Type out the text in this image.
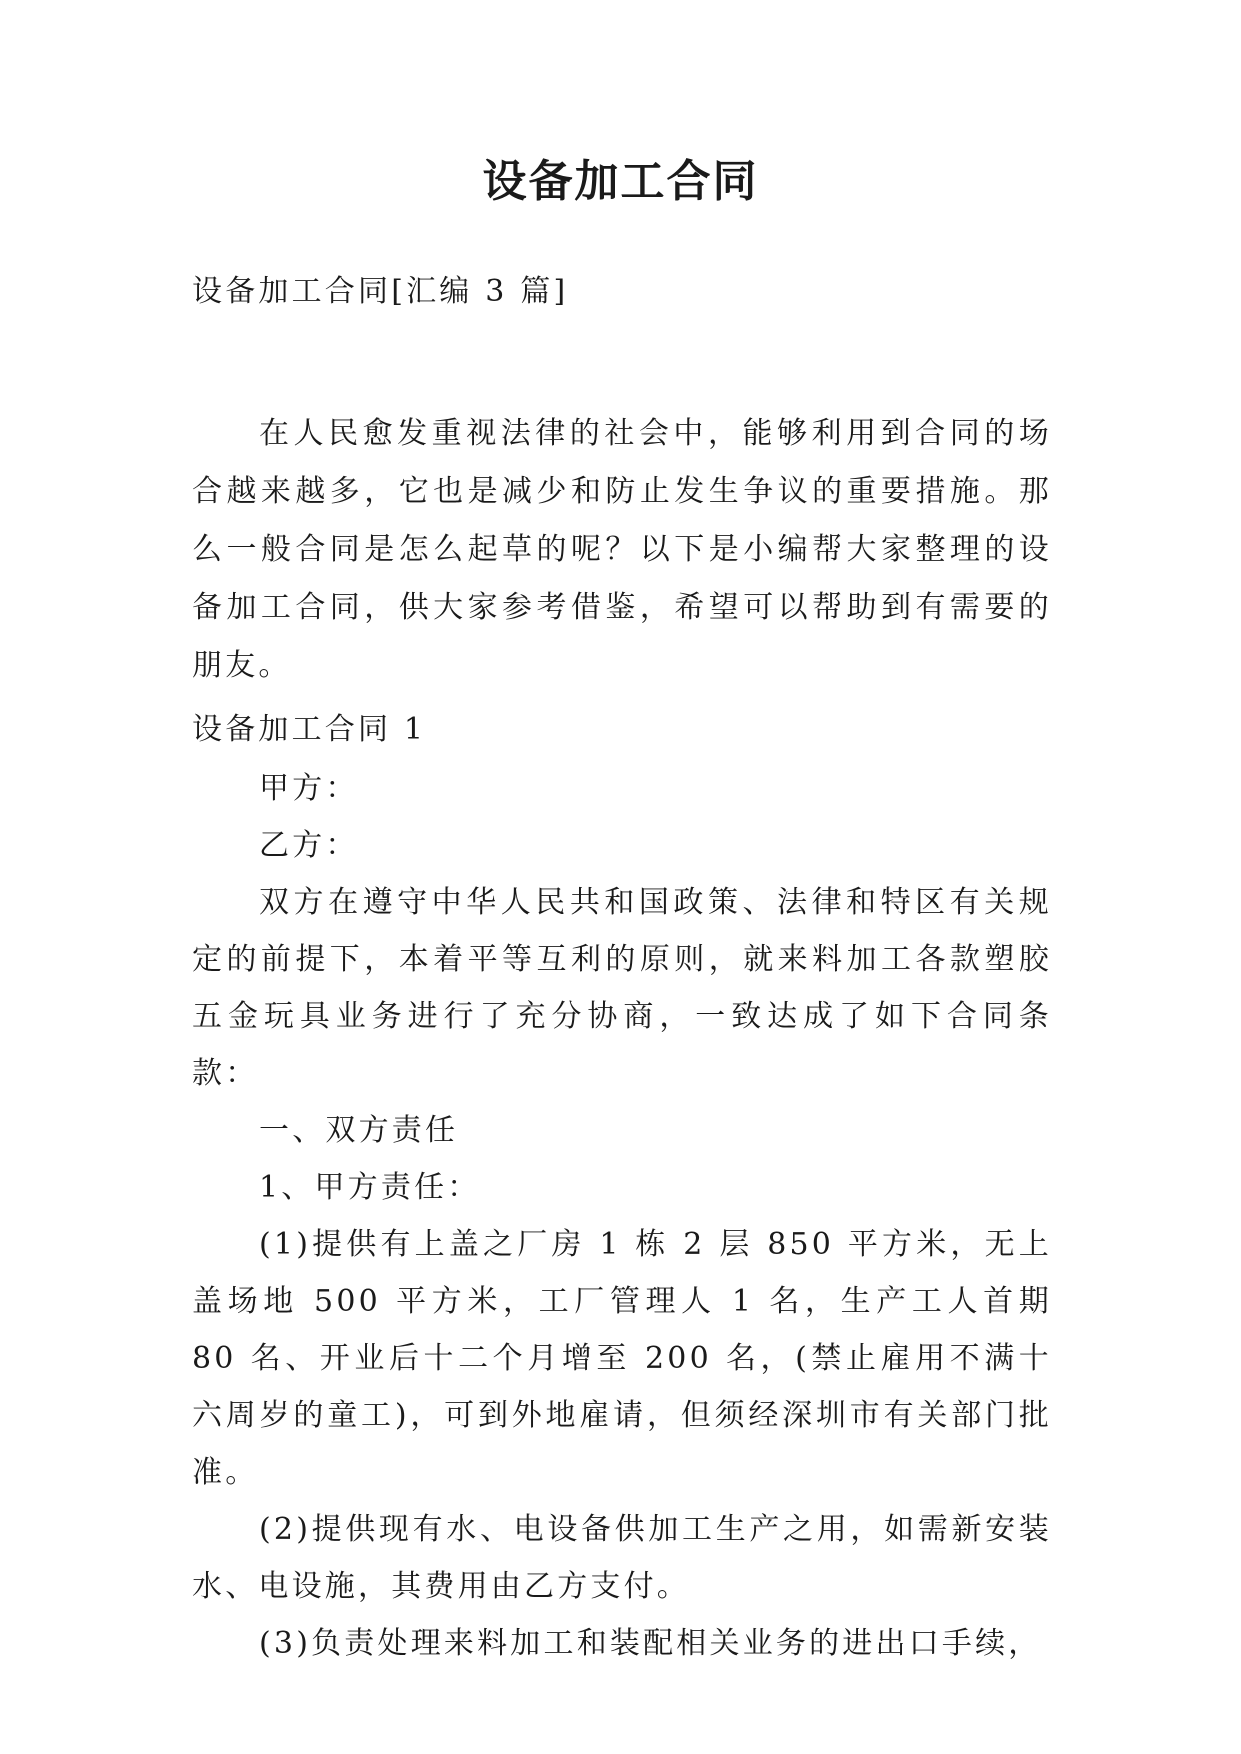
设备加工合同

设备加工合同[汇编 3 篇]

在人民愈发重视法律的社会中，能够利用到合同的场合越来越多，它也是减少和防止发生争议的重要措施。那么一般合同是怎么起草的呢？以下是小编帮大家整理的设备加工合同，供大家参考借鉴，希望可以帮助到有需要的朋友。

设备加工合同 1

甲方：

乙方：

双方在遵守中华人民共和国政策、法律和特区有关规定的前提下，本着平等互利的原则，就来料加工各款塑胶五金玩具业务进行了充分协商，一致达成了如下合同条款：

一、双方责任

1、甲方责任：

(1)提供有上盖之厂房 1 栋 2 层 850 平方米，无上盖场地 500 平方米，工厂管理人 1 名，生产工人首期 80 名、开业后十二个月增至 200 名，(禁止雇用不满十六周岁的童工)，可到外地雇请，但须经深圳市有关部门批准。

(2)提供现有水、电设备供加工生产之用，如需新安装水、电设施，其费用由乙方支付。

(3)负责处理来料加工和装配相关业务的进出口手续，
